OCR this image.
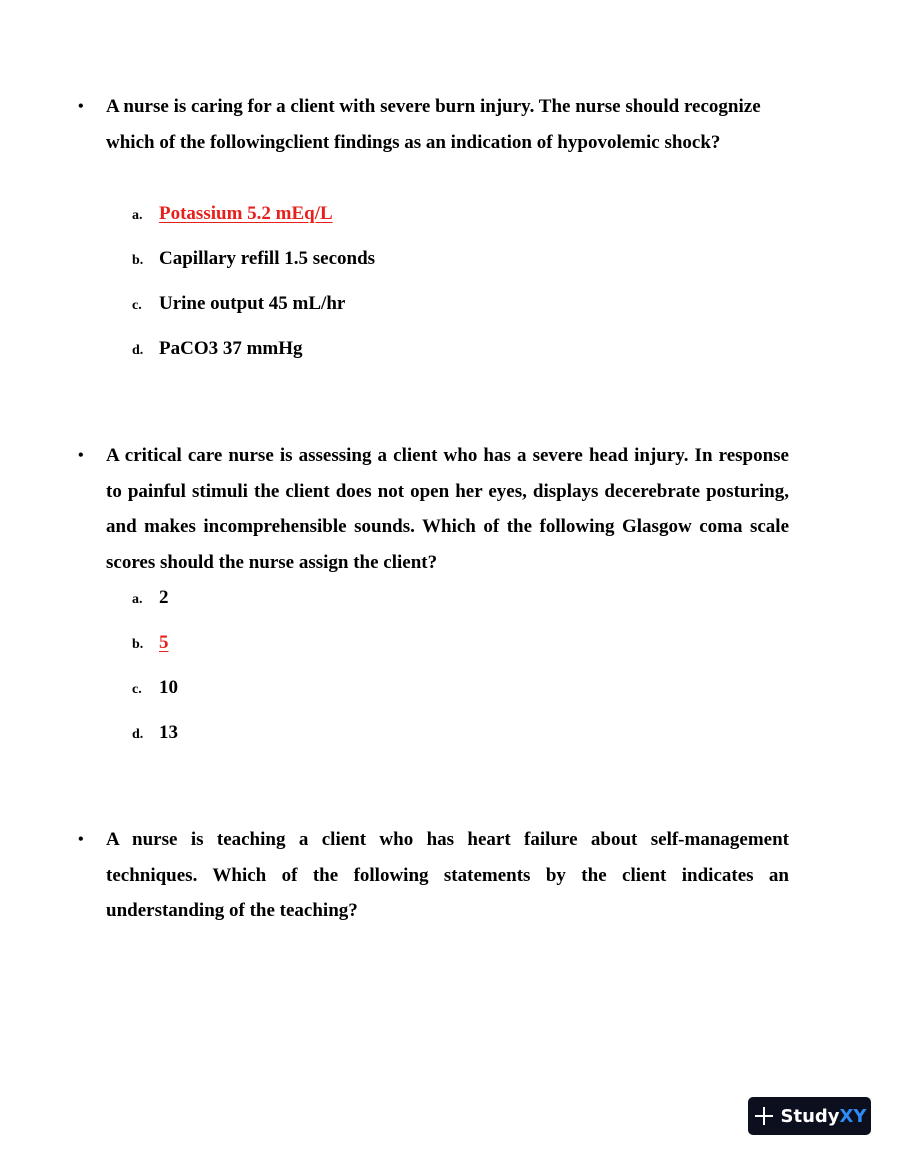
• A nurse is caring for a client with severe burn injury. The nurse should recognize which of the followingclient findings as an indication of hypovolemic shock?
a. Potassium 5.2 mEq/L
b. Capillary refill 1.5 seconds
c. Urine output 45 mL/hr
d. PaCO3 37 mmHg
• A critical care nurse is assessing a client who has a severe head injury. In response to painful stimuli the client does not open her eyes, displays decerebrate posturing, and makes incomprehensible sounds. Which of the following Glasgow coma scale scores should the nurse assign the client?
a. 2
b. 5
c. 10
d. 13
• A nurse is teaching a client who has heart failure about self-management techniques. Which of the following statements by the client indicates an understanding of the teaching?
Study XY
